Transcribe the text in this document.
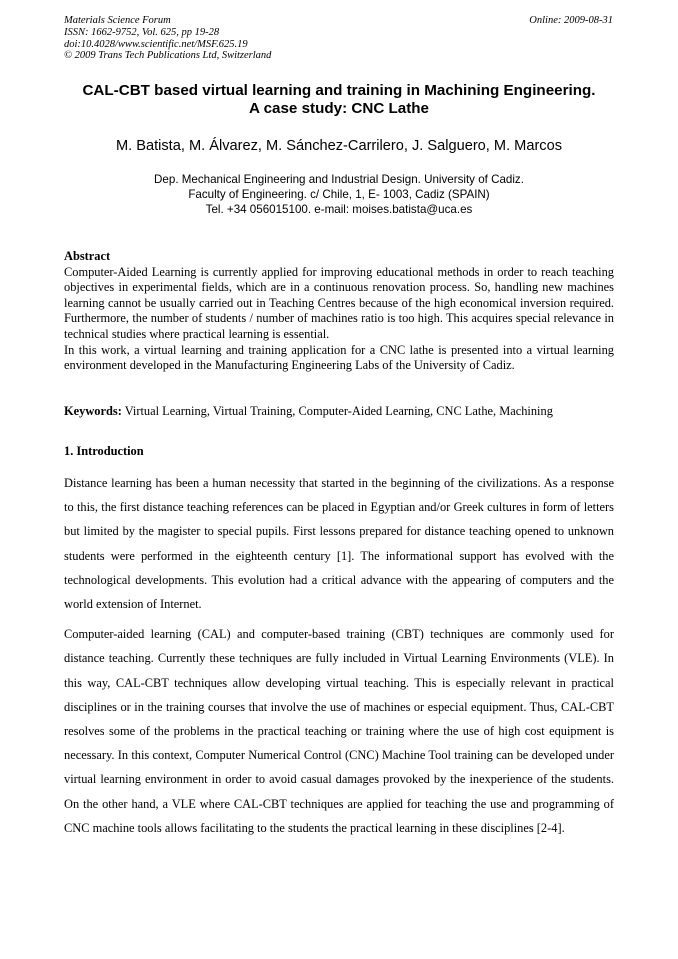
Materials Science Forum
ISSN: 1662-9752, Vol. 625, pp 19-28
doi:10.4028/www.scientific.net/MSF.625.19
© 2009 Trans Tech Publications Ltd, Switzerland
Online: 2009-08-31
CAL-CBT based virtual learning and training in Machining Engineering.
A case study: CNC Lathe
M. Batista, M. Álvarez, M. Sánchez-Carrilero, J. Salguero, M. Marcos
Dep. Mechanical Engineering and Industrial Design. University of Cadiz.
Faculty of Engineering. c/ Chile, 1, E- 1003, Cadiz (SPAIN)
Tel. +34 056015100. e-mail: moises.batista@uca.es

Abstract

Computer-Aided Learning is currently applied for improving educational methods in order to reach teaching objectives in experimental fields, which are in a continuous renovation process. So, handling new machines learning cannot be usually carried out in Teaching Centres because of the high economical inversion required. Furthermore, the number of students / number of machines ratio is too high. This acquires special relevance in technical studies where practical learning is essential.

In this work, a virtual learning and training application for a CNC lathe is presented into a virtual learning environment developed in the Manufacturing Engineering Labs of the University of Cadiz.

Keywords: Virtual Learning, Virtual Training, Computer-Aided Learning, CNC Lathe, Machining
1. Introduction

Distance learning has been a human necessity that started in the beginning of the civilizations. As a response to this, the first distance teaching references can be placed in Egyptian and/or Greek cultures in form of letters but limited by the magister to special pupils. First lessons prepared for distance teaching opened to unknown students were performed in the eighteenth century [1]. The informational support has evolved with the technological developments. This evolution had a critical advance with the appearing of computers and the world extension of Internet.

Computer-aided learning (CAL) and computer-based training (CBT) techniques are commonly used for distance teaching. Currently these techniques are fully included in Virtual Learning Environments (VLE). In this way, CAL-CBT techniques allow developing virtual teaching. This is especially relevant in practical disciplines or in the training courses that involve the use of machines or especial equipment. Thus, CAL-CBT resolves some of the problems in the practical teaching or training where the use of high cost equipment is necessary. In this context, Computer Numerical Control (CNC) Machine Tool training can be developed under virtual learning environment in order to avoid casual damages provoked by the inexperience of the students. On the other hand, a VLE where CAL-CBT techniques are applied for teaching the use and programming of CNC machine tools allows facilitating to the students the practical learning in these disciplines [2-4].
